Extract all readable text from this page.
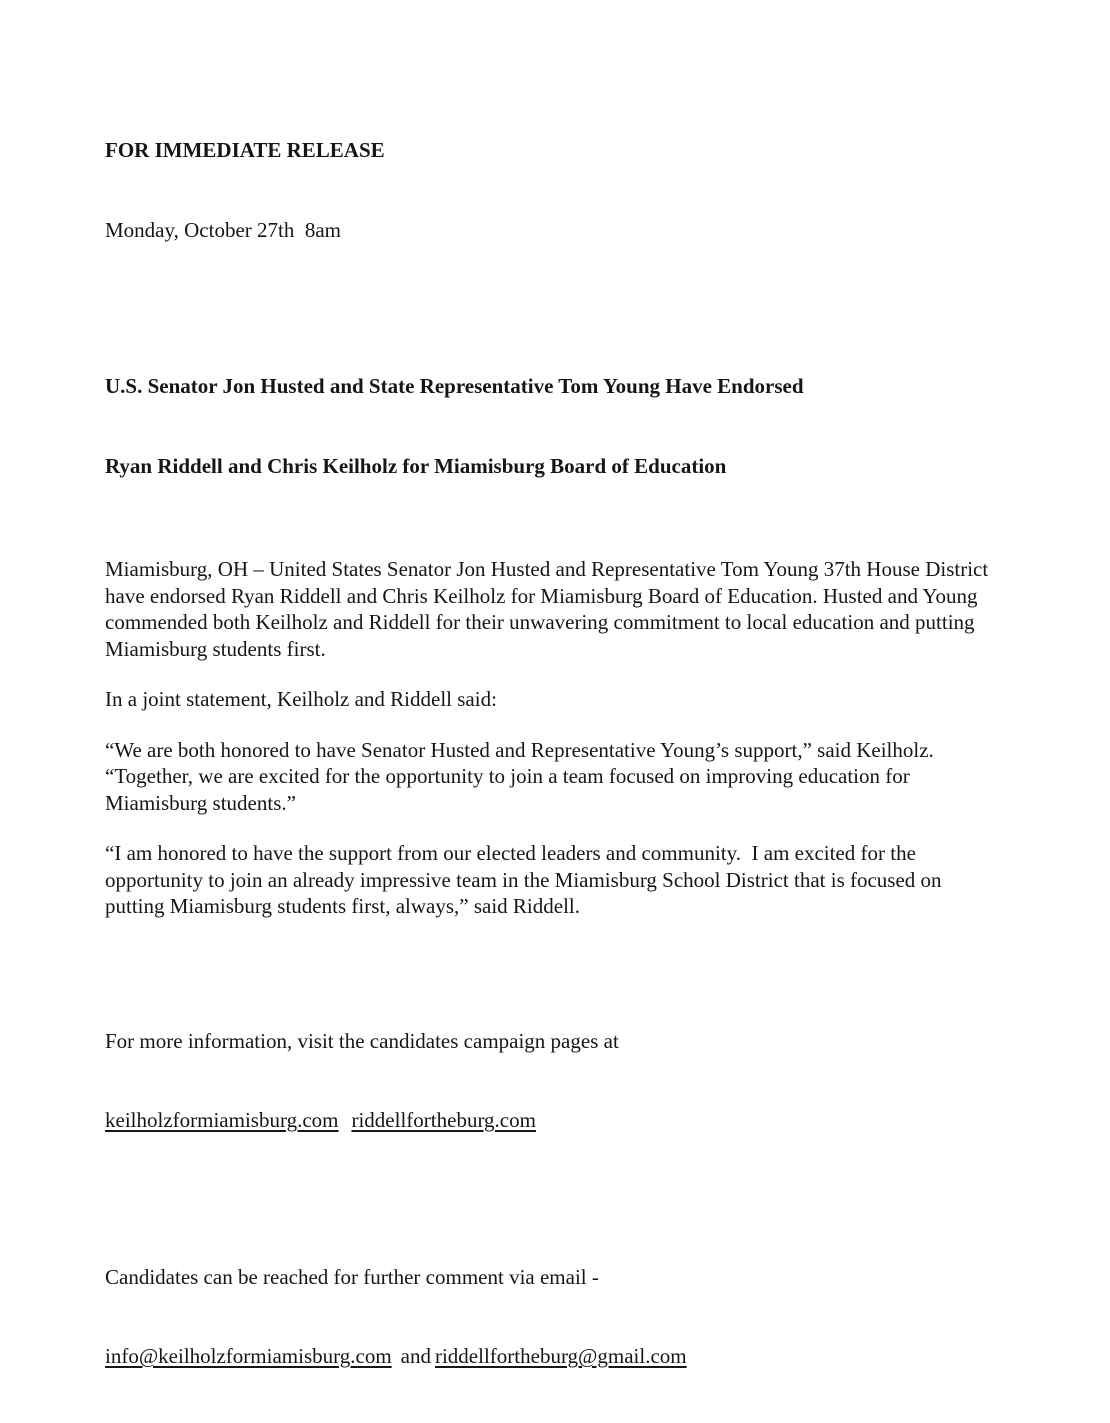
FOR IMMEDIATE RELEASE

Monday, October 27th  8am

U.S. Senator Jon Husted and State Representative Tom Young Have Endorsed

Ryan Riddell and Chris Keilholz for Miamisburg Board of Education

Miamisburg, OH – United States Senator Jon Husted and Representative Tom Young 37th House District have endorsed Ryan Riddell and Chris Keilholz for Miamisburg Board of Education. Husted and Young commended both Keilholz and Riddell for their unwavering commitment to local education and putting Miamisburg students first.

In a joint statement, Keilholz and Riddell said:

“We are both honored to have Senator Husted and Representative Young’s support,” said Keilholz.  “Together, we are excited for the opportunity to join a team focused on improving education for Miamisburg students.”

“I am honored to have the support from our elected leaders and community.  I am excited for the opportunity to join an already impressive team in the Miamisburg School District that is focused on putting Miamisburg students first, always,” said Riddell.

For more information, visit the candidates campaign pages at

keilholzformiamisburg.com riddellfortheburg.com

Candidates can be reached for further comment via email -

info@keilholzformiamisburg.com and riddellfortheburg@gmail.com
